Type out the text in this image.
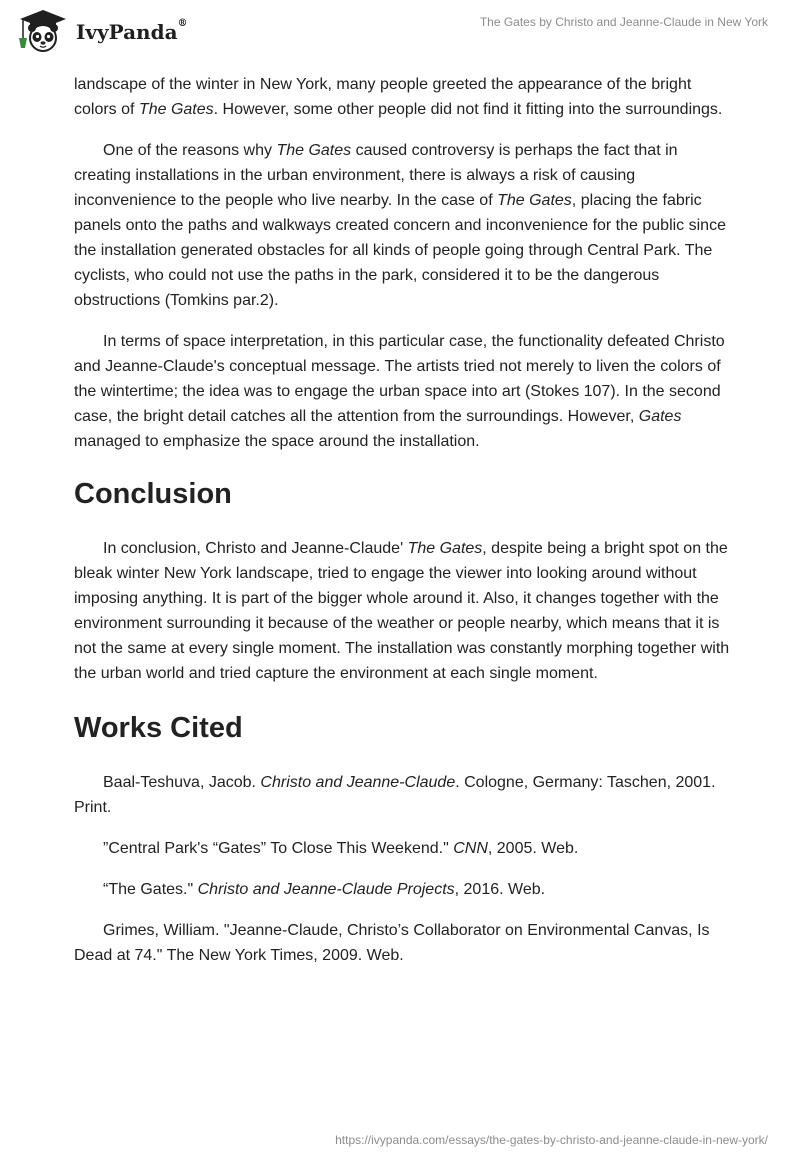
IvyPanda®	The Gates by Christo and Jeanne-Claude in New York

landscape of the winter in New York, many people greeted the appearance of the bright colors of The Gates. However, some other people did not find it fitting into the surroundings.

One of the reasons why The Gates caused controversy is perhaps the fact that in creating installations in the urban environment, there is always a risk of causing inconvenience to the people who live nearby. In the case of The Gates, placing the fabric panels onto the paths and walkways created concern and inconvenience for the public since the installation generated obstacles for all kinds of people going through Central Park. The cyclists, who could not use the paths in the park, considered it to be the dangerous obstructions (Tomkins par.2).

In terms of space interpretation, in this particular case, the functionality defeated Christo and Jeanne-Claude's conceptual message. The artists tried not merely to liven the colors of the wintertime; the idea was to engage the urban space into art (Stokes 107). In the second case, the bright detail catches all the attention from the surroundings. However, Gates managed to emphasize the space around the installation.

Conclusion

In conclusion, Christo and Jeanne-Claude' The Gates, despite being a bright spot on the bleak winter New York landscape, tried to engage the viewer into looking around without imposing anything. It is part of the bigger whole around it. Also, it changes together with the environment surrounding it because of the weather or people nearby, which means that it is not the same at every single moment. The installation was constantly morphing together with the urban world and tried capture the environment at each single moment.

Works Cited

Baal-Teshuva, Jacob. Christo and Jeanne-Claude. Cologne, Germany: Taschen, 2001. Print.

”Central Park's “Gates” To Close This Weekend." CNN, 2005. Web.

“The Gates." Christo and Jeanne-Claude Projects, 2016. Web.

Grimes, William. "Jeanne-Claude, Christo’s Collaborator on Environmental Canvas, Is Dead at 74." The New York Times, 2009. Web.

https://ivypanda.com/essays/the-gates-by-christo-and-jeanne-claude-in-new-york/
